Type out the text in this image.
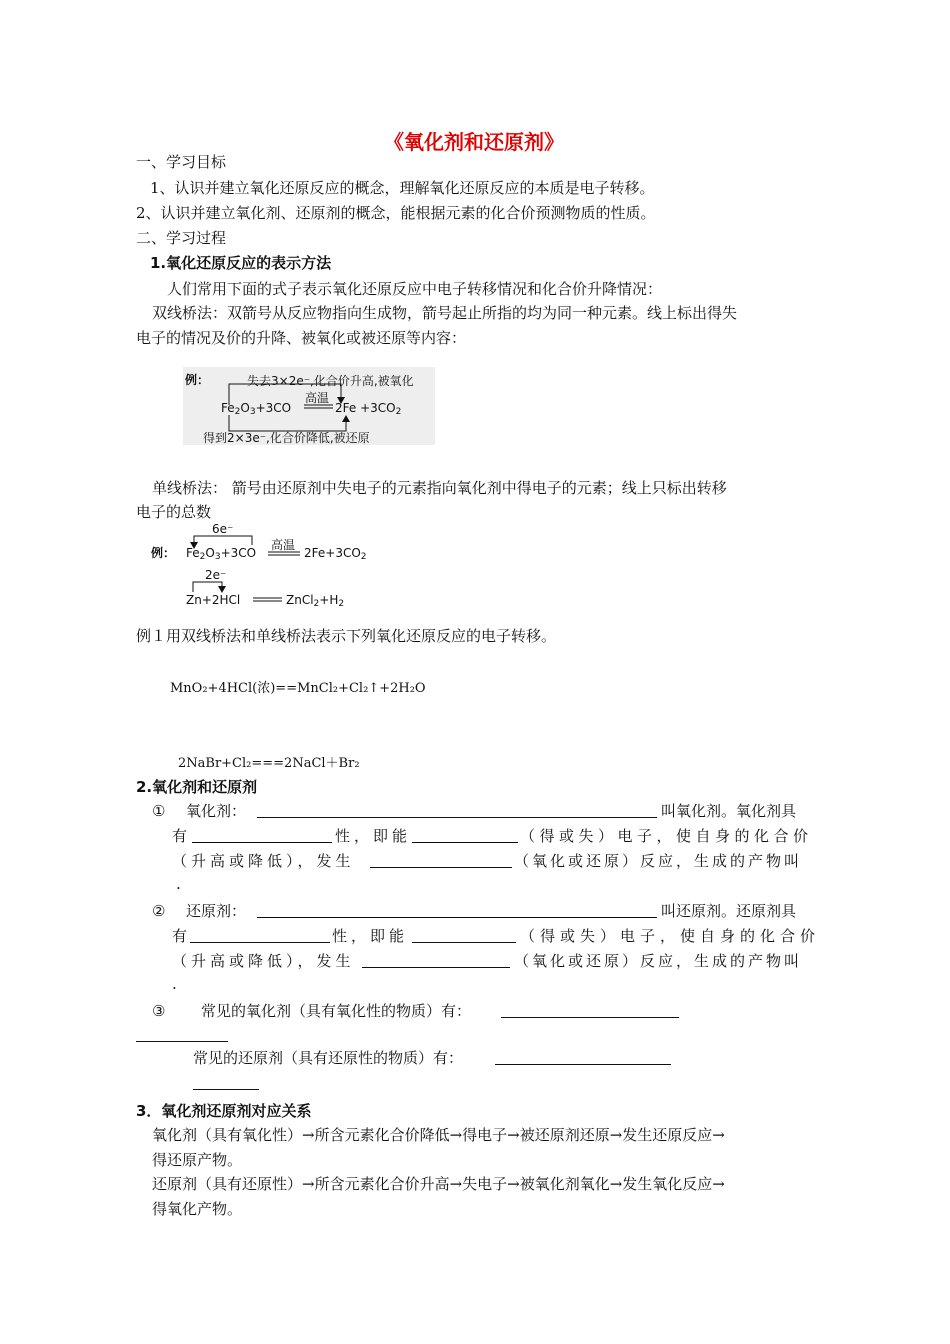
《氧化剂和还原剂》
一、学习目标
1、认识并建立氧化还原反应的概念，理解氧化还原反应的本质是电子转移。
2、认识并建立氧化剂、还原剂的概念，能根据元素的化合价预测物质的性质。
二、学习过程
1.氧化还原反应的表示方法
人们常用下面的式子表示氧化还原反应中电子转移情况和化合价升降情况：
双线桥法：双箭号从反应物指向生成物，箭号起止所指的均为同一种元素。线上标出得失
电子的情况及价的升降、被氧化或被还原等内容：
例：	失去3×2e⁻,化合价升高,被氧化
高温
$Fe_2O_3+3CO$	$2Fe +3CO_2$
得到2×3e⁻,化合价降低,被还原
单线桥法： 箭号由还原剂中失电子的元素指向氧化剂中得电子的元素；线上只标出转移
电子的总数
6e⁻
例：
高温
$Fe_2O_3+3CO$	$2Fe+3CO_2$
2e⁻
Zn+2HCl	$ZnCl_2+H_2$
例１用双线桥法和单线桥法表示下列氧化还原反应的电子转移。
MnO₂+4HCl(浓)==MnCl₂+Cl₂↑+2H₂O
2NaBr+Cl₂===2NaCl＋Br₂
2.氧化剂和还原剂
① 氧化剂：	叫氧化剂。氧化剂具
有	性，即能	（得或失）电子，使自身的化合价
（升高或降低），发生	（氧化或还原）反应，生成的产物叫
.
② 还原剂：	叫还原剂。还原剂具
有	性，即能	（得或失）电子，使自身的化合价
（升高或降低），发生	（氧化或还原）反应，生成的产物叫
.
③ 常见的氧化剂（具有氧化性的物质）有：
常见的还原剂（具有还原性的物质）有：
3．氧化剂还原剂对应关系
氧化剂（具有氧化性）→所含元素化合价降低→得电子→被还原剂还原→发生还原反应→
得还原产物。
还原剂（具有还原性）→所含元素化合价升高→失电子→被氧化剂氧化→发生氧化反应→
得氧化产物。
